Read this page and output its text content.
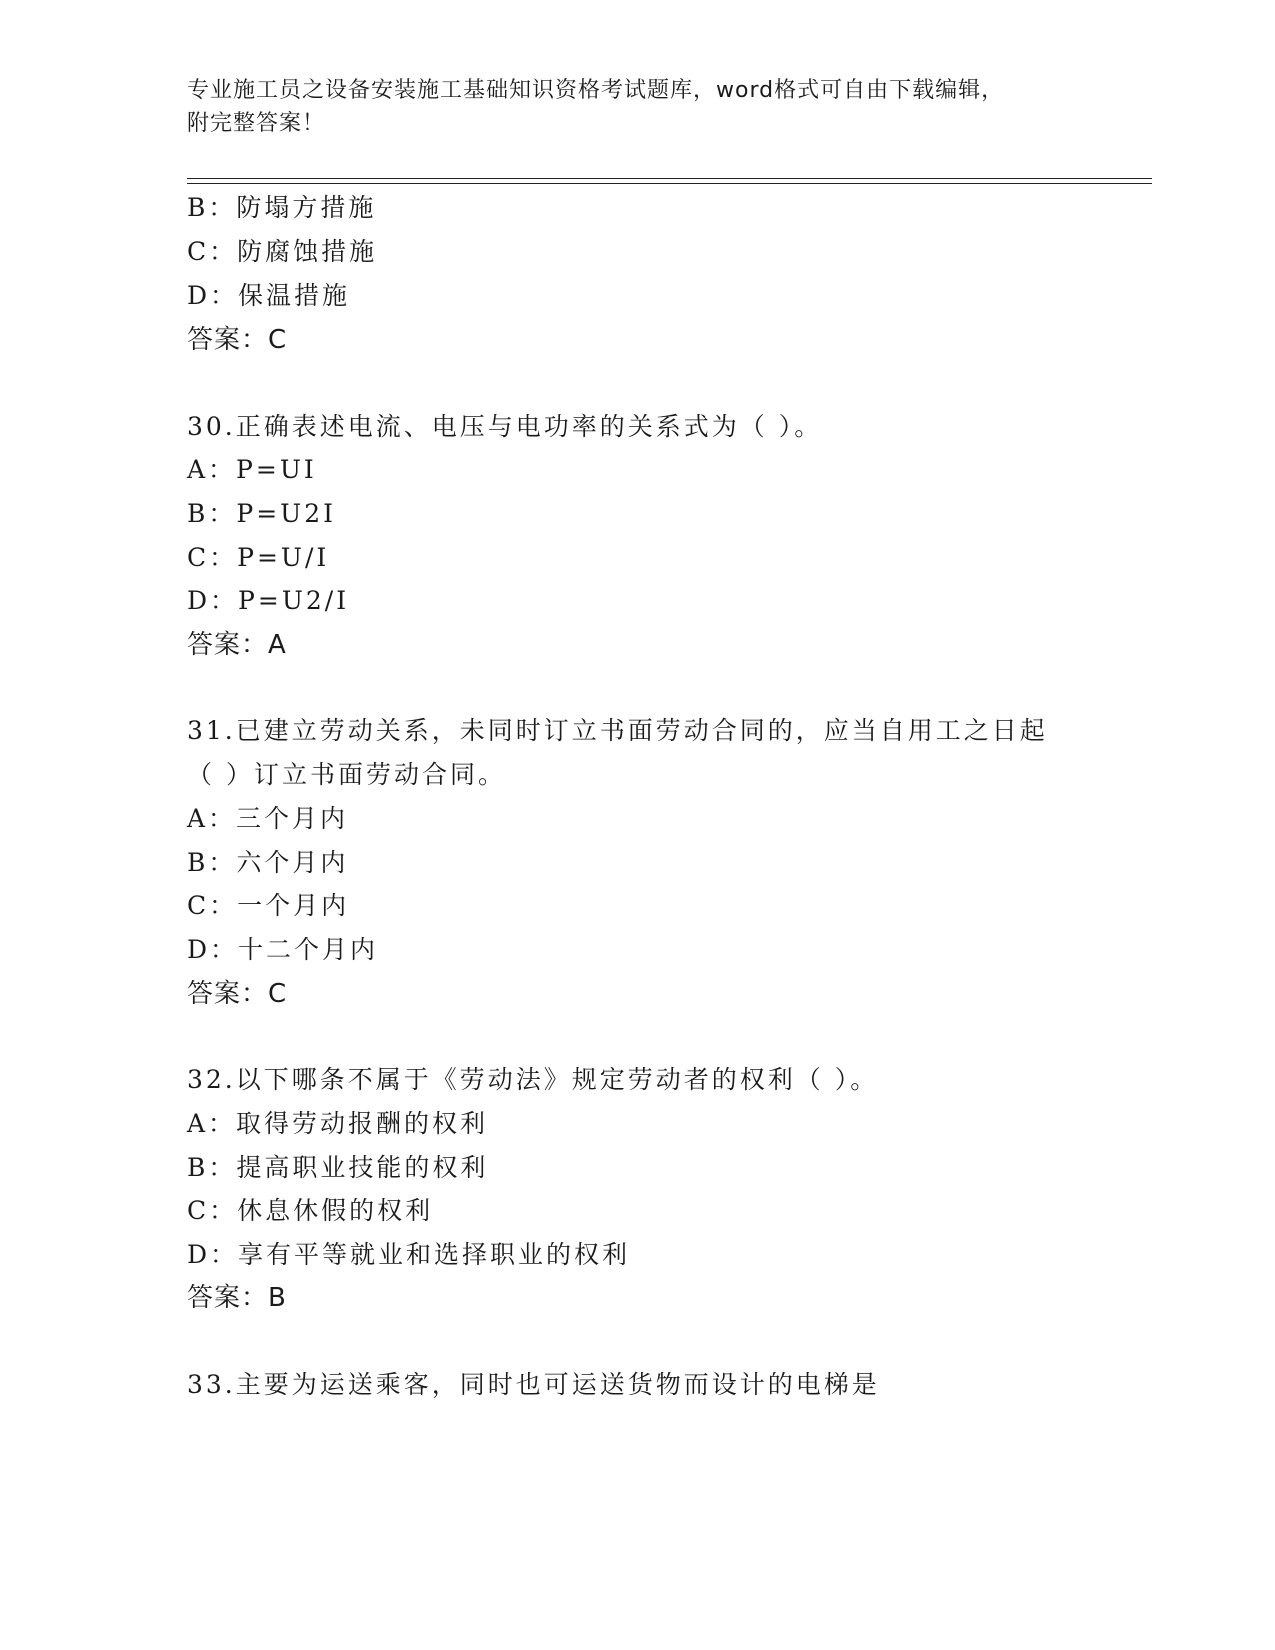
专业施工员之设备安装施工基础知识资格考试题库，word格式可自由下载编辑，
附完整答案！
B：防塌方措施
C：防腐蚀措施
D：保温措施
答案：C
30.正确表述电流、电压与电功率的关系式为（ ）。
A：P=UI
B：P=U2I
C：P=U/I
D：P=U2/I
答案：A
31.已建立劳动关系，未同时订立书面劳动合同的，应当自用工之日起
（ ）订立书面劳动合同。
A：三个月内
B：六个月内
C：一个月内
D：十二个月内
答案：C
32.以下哪条不属于《劳动法》规定劳动者的权利（ ）。
A：取得劳动报酬的权利
B：提高职业技能的权利
C：休息休假的权利
D：享有平等就业和选择职业的权利
答案：B
33.主要为运送乘客，同时也可运送货物而设计的电梯是
